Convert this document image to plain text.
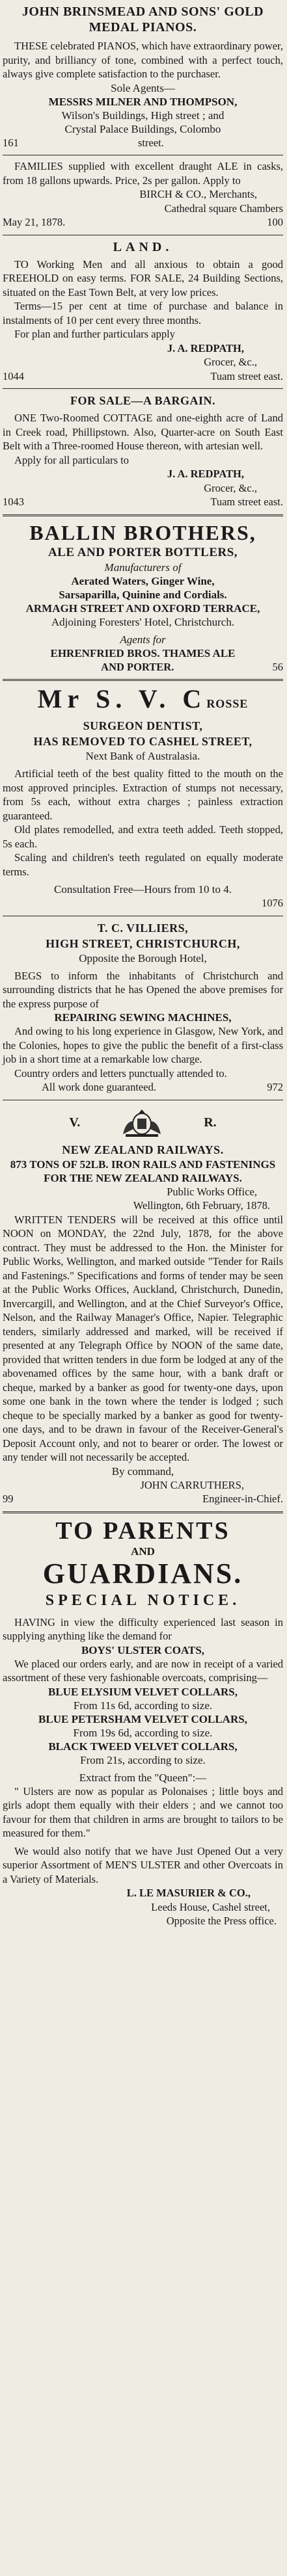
JOHN BRINSMEAD AND SONS' GOLD MEDAL PIANOS.

THESE celebrated PIANOS, which have extraordinary power, purity, and brilliancy of tone, combined with a perfect touch, always give complete satisfaction to the purchaser.

Sole Agents—

MESSRS MILNER AND THOMPSON,

Wilson's Buildings, High street ; and

Crystal Palace Buildings, Colombo

161	street.

FAMILIES supplied with excellent draught ALE in casks, from 18 gallons upwards. Price, 2s per gallon. Apply to

BIRCH & CO., Merchants,

Cathedral square Chambers

May 21, 1878.	100

LAND.

TO Working Men and all anxious to obtain a good FREEHOLD on easy terms. FOR SALE, 24 Building Sections, situated on the East Town Belt, at very low prices.

Terms—15 per cent at time of purchase and balance in instalments of 10 per cent every three months.

For plan and further particulars apply

J. A. REDPATH,

Grocer, &c.,

1044	Tuam street east.

FOR SALE—A BARGAIN.

ONE Two-Roomed COTTAGE and one-eighth acre of Land in Creek road, Phillipstown. Also, Quarter-acre on South East Belt with a Three-roomed House thereon, with artesian well.

Apply for all particulars to

J. A. REDPATH,

Grocer, &c.,

1043	Tuam street east.

BALLIN BROTHERS,

ALE AND PORTER BOTTLERS,

Manufacturers of

Aerated Waters, Ginger Wine, Sarsaparilla, Quinine and Cordials.

ARMAGH STREET AND OXFORD TERRACE,

Adjoining Foresters' Hotel, Christchurch.

Agents for

EHRENFRIED BROS. THAMES ALE

AND PORTER.	56
Mr S. V. C ROSSE

SURGEON DENTIST,

HAS REMOVED TO CASHEL STREET,

Next Bank of Australasia.

Artificial teeth of the best quality fitted to the mouth on the most approved principles. Extraction of stumps not necessary, from 5s each, without extra charges ; painless extraction guaranteed.

Old plates remodelled, and extra teeth added. Teeth stopped, 5s each.

Scaling and children's teeth regulated on equally moderate terms.

Consultation Free—Hours from 10 to 4.

1076

T. C. VILLIERS,

HIGH STREET, CHRISTCHURCH,

Opposite the Borough Hotel,

BEGS to inform the inhabitants of Christchurch and surrounding districts that he has Opened the above premises for the express purpose of

REPAIRING SEWING MACHINES,

And owing to his long experience in Glasgow, New York, and the Colonies, hopes to give the public the benefit of a first-class job in a short time at a remarkable low charge.

Country orders and letters punctually attended to.

All work done guaranteed.	972
V.	R.

NEW ZEALAND RAILWAYS.

873 TONS OF 52LB. IRON RAILS AND FASTENINGS FOR THE NEW ZEALAND RAILWAYS.

Public Works Office,

Wellington, 6th February, 1878.

WRITTEN TENDERS will be received at this office until NOON on MONDAY, the 22nd July, 1878, for the above contract. They must be addressed to the Hon. the Minister for Public Works, Wellington, and marked outside "Tender for Rails and Fastenings." Specifications and forms of tender may be seen at the Public Works Offices, Auckland, Christchurch, Dunedin, Invercargill, and Wellington, and at the Chief Surveyor's Office, Nelson, and the Railway Manager's Office, Napier. Telegraphic tenders, similarly addressed and marked, will be received if presented at any Telegraph Office by NOON of the same date, provided that written tenders in due form be lodged at any of the abovenamed offices by the same hour, with a bank draft or cheque, marked by a banker as good for twenty-one days, upon some one bank in the town where the tender is lodged ; such cheque to be specially marked by a banker as good for twenty-one days, and to be drawn in favour of the Receiver-General's Deposit Account only, and not to bearer or order. The lowest or any tender will not necessarily be accepted.

By command,

JOHN CARRUTHERS,

99	Engineer-in-Chief.

TO PARENTS

AND

GUARDIANS.

SPECIAL NOTICE.

HAVING in view the difficulty experienced last season in supplying anything like the demand for

BOYS' ULSTER COATS,

We placed our orders early, and are now in receipt of a varied assortment of these very fashionable overcoats, comprising—

BLUE ELYSIUM VELVET COLLARS,

From 11s 6d, according to size.

BLUE PETERSHAM VELVET COLLARS,

From 19s 6d, according to size.

BLACK TWEED VELVET COLLARS,

From 21s, according to size.

Extract from the "Queen":—

" Ulsters are now as popular as Polonaises ; little boys and girls adopt them equally with their elders ; and we cannot too favour for them that children in arms are brought to tailors to be measured for them."

We would also notify that we have Just Opened Out a very superior Assortment of MEN'S ULSTER and other Overcoats in a Variety of Materials.

L. LE MASURIER & CO.,

Leeds House, Cashel street,

Opposite the Press office.
